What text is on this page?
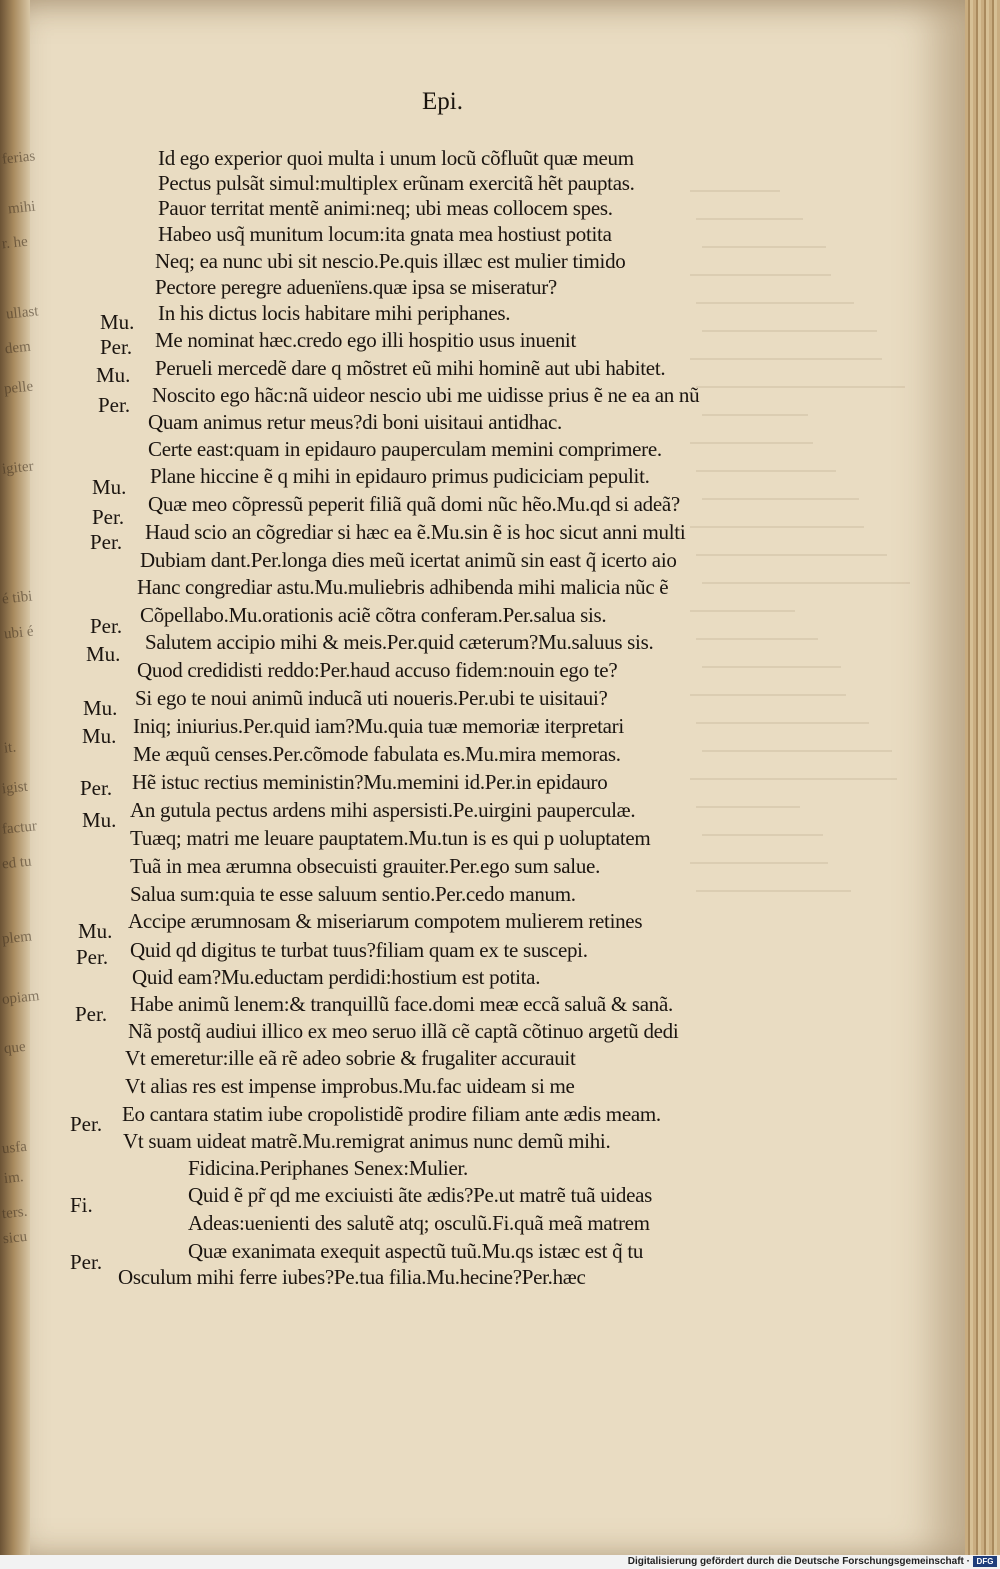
ferias
mihi
r. he
ullast
dem
pelle
igiter
é tibi
ubi é
it.
igist
factur
ed tu
plem
opiam
que
usfa
im.
ters.
sicu
Epi.
Id ego experior quoi multa i unum locũ cõfluũt quæ meum
Pectus pulsãt simul:multiplex erũnam exercitã hẽt pauptas.
Pauor territat mentẽ animi:neq; ubi meas collocem spes.
Habeo usq̃ munitum locum:ita gnata mea hostiust potita
Neq; ea nunc ubi sit nescio.Pe.quis illæc est mulier timido
Pectore peregre aduenïens.quæ ipsa se miseratur?
Mu. In his dictus locis habitare mihi periphanes.
Per. Me nominat hæc.credo ego illi hospitio usus inuenit
Mu. Perueli mercedẽ dare q mõstret eũ mihi hominẽ aut ubi habitet.
Per. Noscito ego hãc:nã uideor nescio ubi me uidisse prius ẽ ne ea an nũ
Quam animus retur meus?di boni uisitaui antidhac.
Certe east:quam in epidauro pauperculam memini comprimere.
Mu. Plane hiccine ẽ q mihi in epidauro primus pudiciciam pepulit.
Per.
Quæ meo cõpressũ peperit filiã quã domi nũc hẽo.Mu.qd si adeã?
Per. Haud scio an cõgrediar si hæc ea ẽ.Mu.sin ẽ is hoc sicut anni multi
Dubiam dant.Per.longa dies meũ icertat animũ sin east q̃ icerto aio
Hanc congrediar astu.Mu.muliebris adhibenda mihi malicia nũc ẽ
Per. Cõpellabo.Mu.orationis aciẽ cõtra conferam.Per.salua sis.
Mu. Salutem accipio mihi & meis.Per.quid cæterum?Mu.saluus sis.
Quod credidisti reddo:Per.haud accuso fidem:nouin ego te?
Mu. Si ego te noui animũ inducã uti noueris.Per.ubi te uisitaui?
Mu. Iniq; iniurius.Per.quid iam?Mu.quia tuæ memoriæ iterpretari
Me æquũ censes.Per.cõmode fabulata es.Mu.mira memoras.
Per. Hẽ istuc rectius meministin?Mu.memini id.Per.in epidauro
Mu. An gutula pectus ardens mihi aspersisti.Pe.uirgini pauperculæ.
Tuæq; matri me leuare pauptatem.Mu.tun is es qui p uoluptatem
Tuã in mea ærumna obsecuisti grauiter.Per.ego sum salue.
Salua sum:quia te esse saluum sentio.Per.cedo manum.
Mu. Accipe ærumnosam & miseriarum compotem mulierem retines
Per. Quid qd digitus te turbat tuus?filiam quam ex te suscepi.
Quid eam?Mu.eductam perdidi:hostium est potita.
Per. Habe animũ lenem:& tranquillũ face.domi meæ eccã saluã & sanã.
Nã postq̃ audiui illico ex meo seruo illã cẽ captã cõtinuo argetũ dedi
Vt emeretur:ille eã rẽ adeo sobrie & frugaliter accurauit
Vt alias res est impense improbus.Mu.fac uideam si me
Per. Eo cantara statim iube cropolistidẽ prodire filiam ante ædis meam.
Vt suam uideat matrẽ.Mu.remigrat animus nunc demũ mihi.
Fidicina.Periphanes Senex:Mulier.
Fi.	Quid ẽ pr̃ qd me exciuisti ãte ædis?Pe.ut matrẽ tuã uideas
Adeas:uenienti des salutẽ atq; osculũ.Fi.quã meã matrem
Per.	Quæ exanimata exequit aspectũ tuũ.Mu.qs istæc est q̃ tu
Osculum mihi ferre iubes?Pe.tua filia.Mu.hecine?Per.hæc
Digitalisierung gefördert durch die Deutsche Forschungsgemeinschaft · DFG
